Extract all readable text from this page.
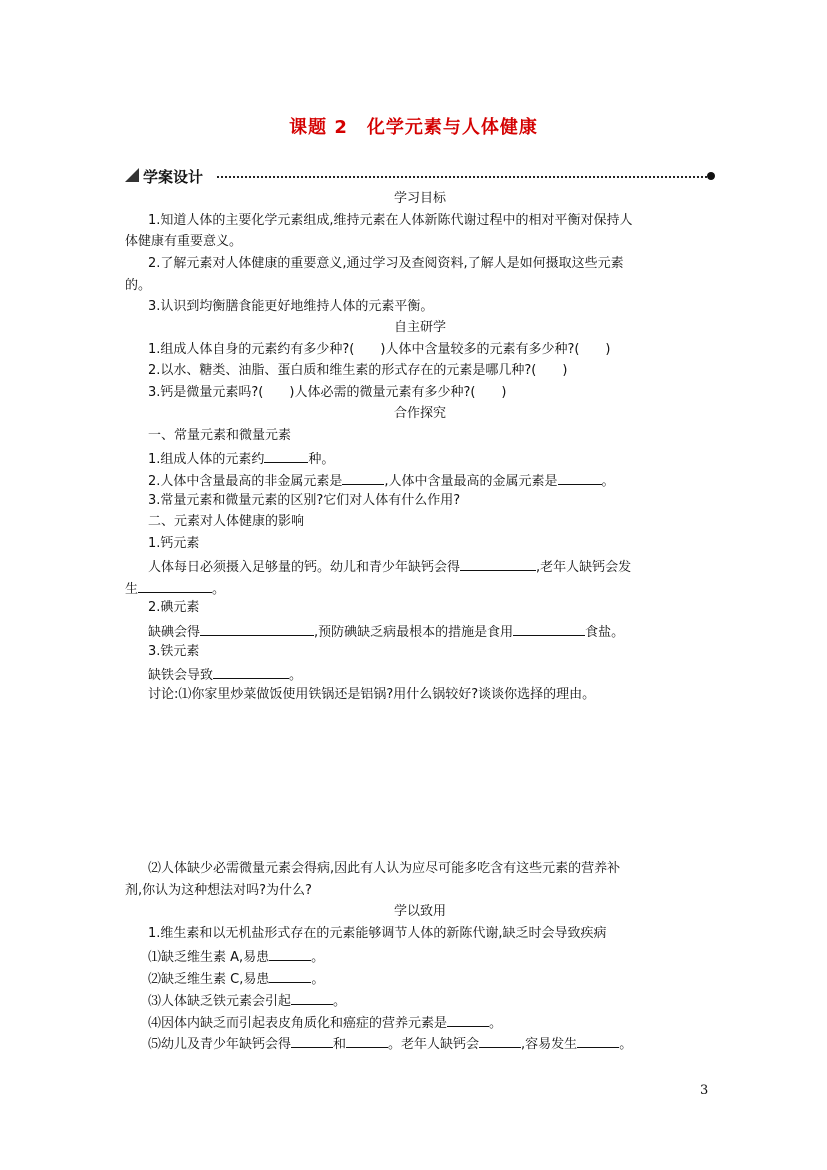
课题 2　化学元素与人体健康
学案设计
学习目标
1.知道人体的主要化学元素组成,维持元素在人体新陈代谢过程中的相对平衡对保持人
体健康有重要意义。
2.了解元素对人体健康的重要意义,通过学习及查阅资料,了解人是如何摄取这些元素
的。
3.认识到均衡膳食能更好地维持人体的元素平衡。
自主研学
1.组成人体自身的元素约有多少种?(　　)人体中含量较多的元素有多少种?(　　)
2.以水、糖类、油脂、蛋白质和维生素的形式存在的元素是哪几种?(　　)
3.钙是微量元素吗?(　　)人体必需的微量元素有多少种?(　　)
合作探究
一、常量元素和微量元素
1.组成人体的元素约	种。
2.人体中含量最高的非金属元素是	,人体中含量最高的金属元素是	。
3.常量元素和微量元素的区别?它们对人体有什么作用?
二、元素对人体健康的影响
1.钙元素
人体每日必须摄入足够量的钙。幼儿和青少年缺钙会得	,老年人缺钙会发
生	。
2.碘元素
缺碘会得	,预防碘缺乏病最根本的措施是食用	食盐。
3.铁元素
缺铁会导致	。
讨论:⑴你家里炒菜做饭使用铁锅还是铝锅?用什么锅较好?谈谈你选择的理由。
⑵人体缺少必需微量元素会得病,因此有人认为应尽可能多吃含有这些元素的营养补
剂,你认为这种想法对吗?为什么?
学以致用
1.维生素和以无机盐形式存在的元素能够调节人体的新陈代谢,缺乏时会导致疾病
⑴缺乏维生素 A,易患	。
⑵缺乏维生素 C,易患	。
⑶人体缺乏铁元素会引起	。
⑷因体内缺乏而引起表皮角质化和癌症的营养元素是	。
⑸幼儿及青少年缺钙会得	和	。老年人缺钙会	,容易发生	。
3
